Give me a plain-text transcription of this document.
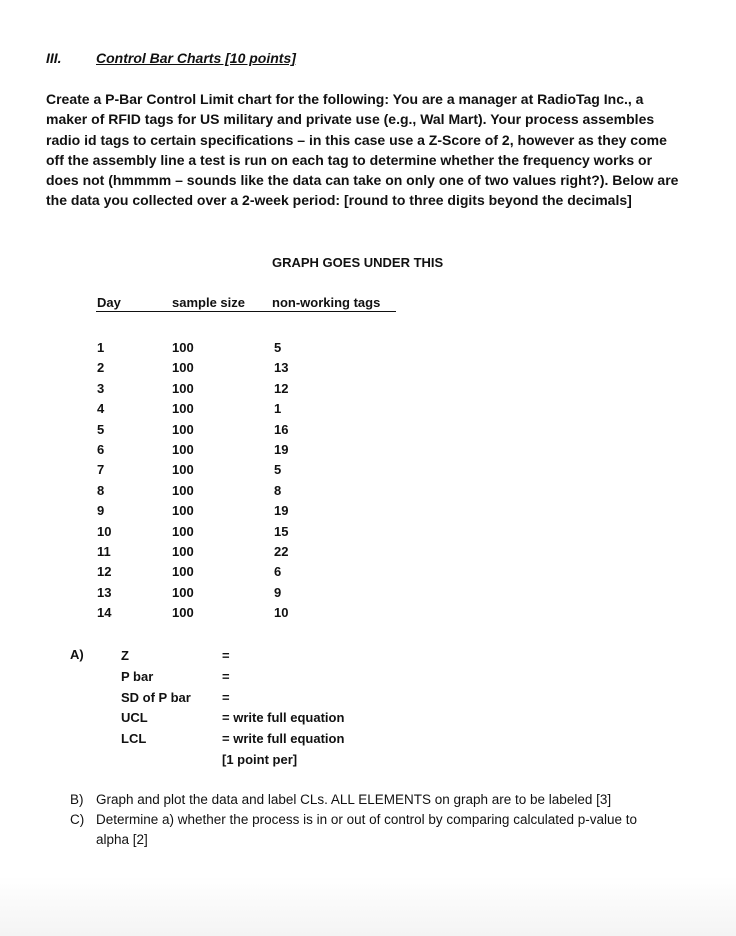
III. Control Bar Charts [10 points]
Create a P-Bar Control Limit chart for the following: You are a manager at RadioTag Inc., a maker of RFID tags for US military and private use (e.g., Wal Mart). Your process assembles radio id tags to certain specifications – in this case use a Z-Score of 2, however as they come off the assembly line a test is run on each tag to determine whether the frequency works or does not (hmmmm – sounds like the data can take on only one of two values right?). Below are the data you collected over a 2-week period: [round to three digits beyond the decimals]
GRAPH GOES UNDER THIS
Day	sample size non-working tags
1
2
3
4
5
6
7
8
9
10
11
12
13
14
100
100
100
100
100
100
100
100
100
100
100
100
100
100
5
13
12
1
16
19
5
8
19
15
22
6
9
10
A)	Z
P bar
SD of P bar
UCL
LCL
=
=
=
= write full equation
= write full equation
[1 point per]
B) Graph and plot the data and label CLs. ALL ELEMENTS on graph are to be labeled [3]
C) Determine a) whether the process is in or out of control by comparing calculated p-value to alpha [2]
